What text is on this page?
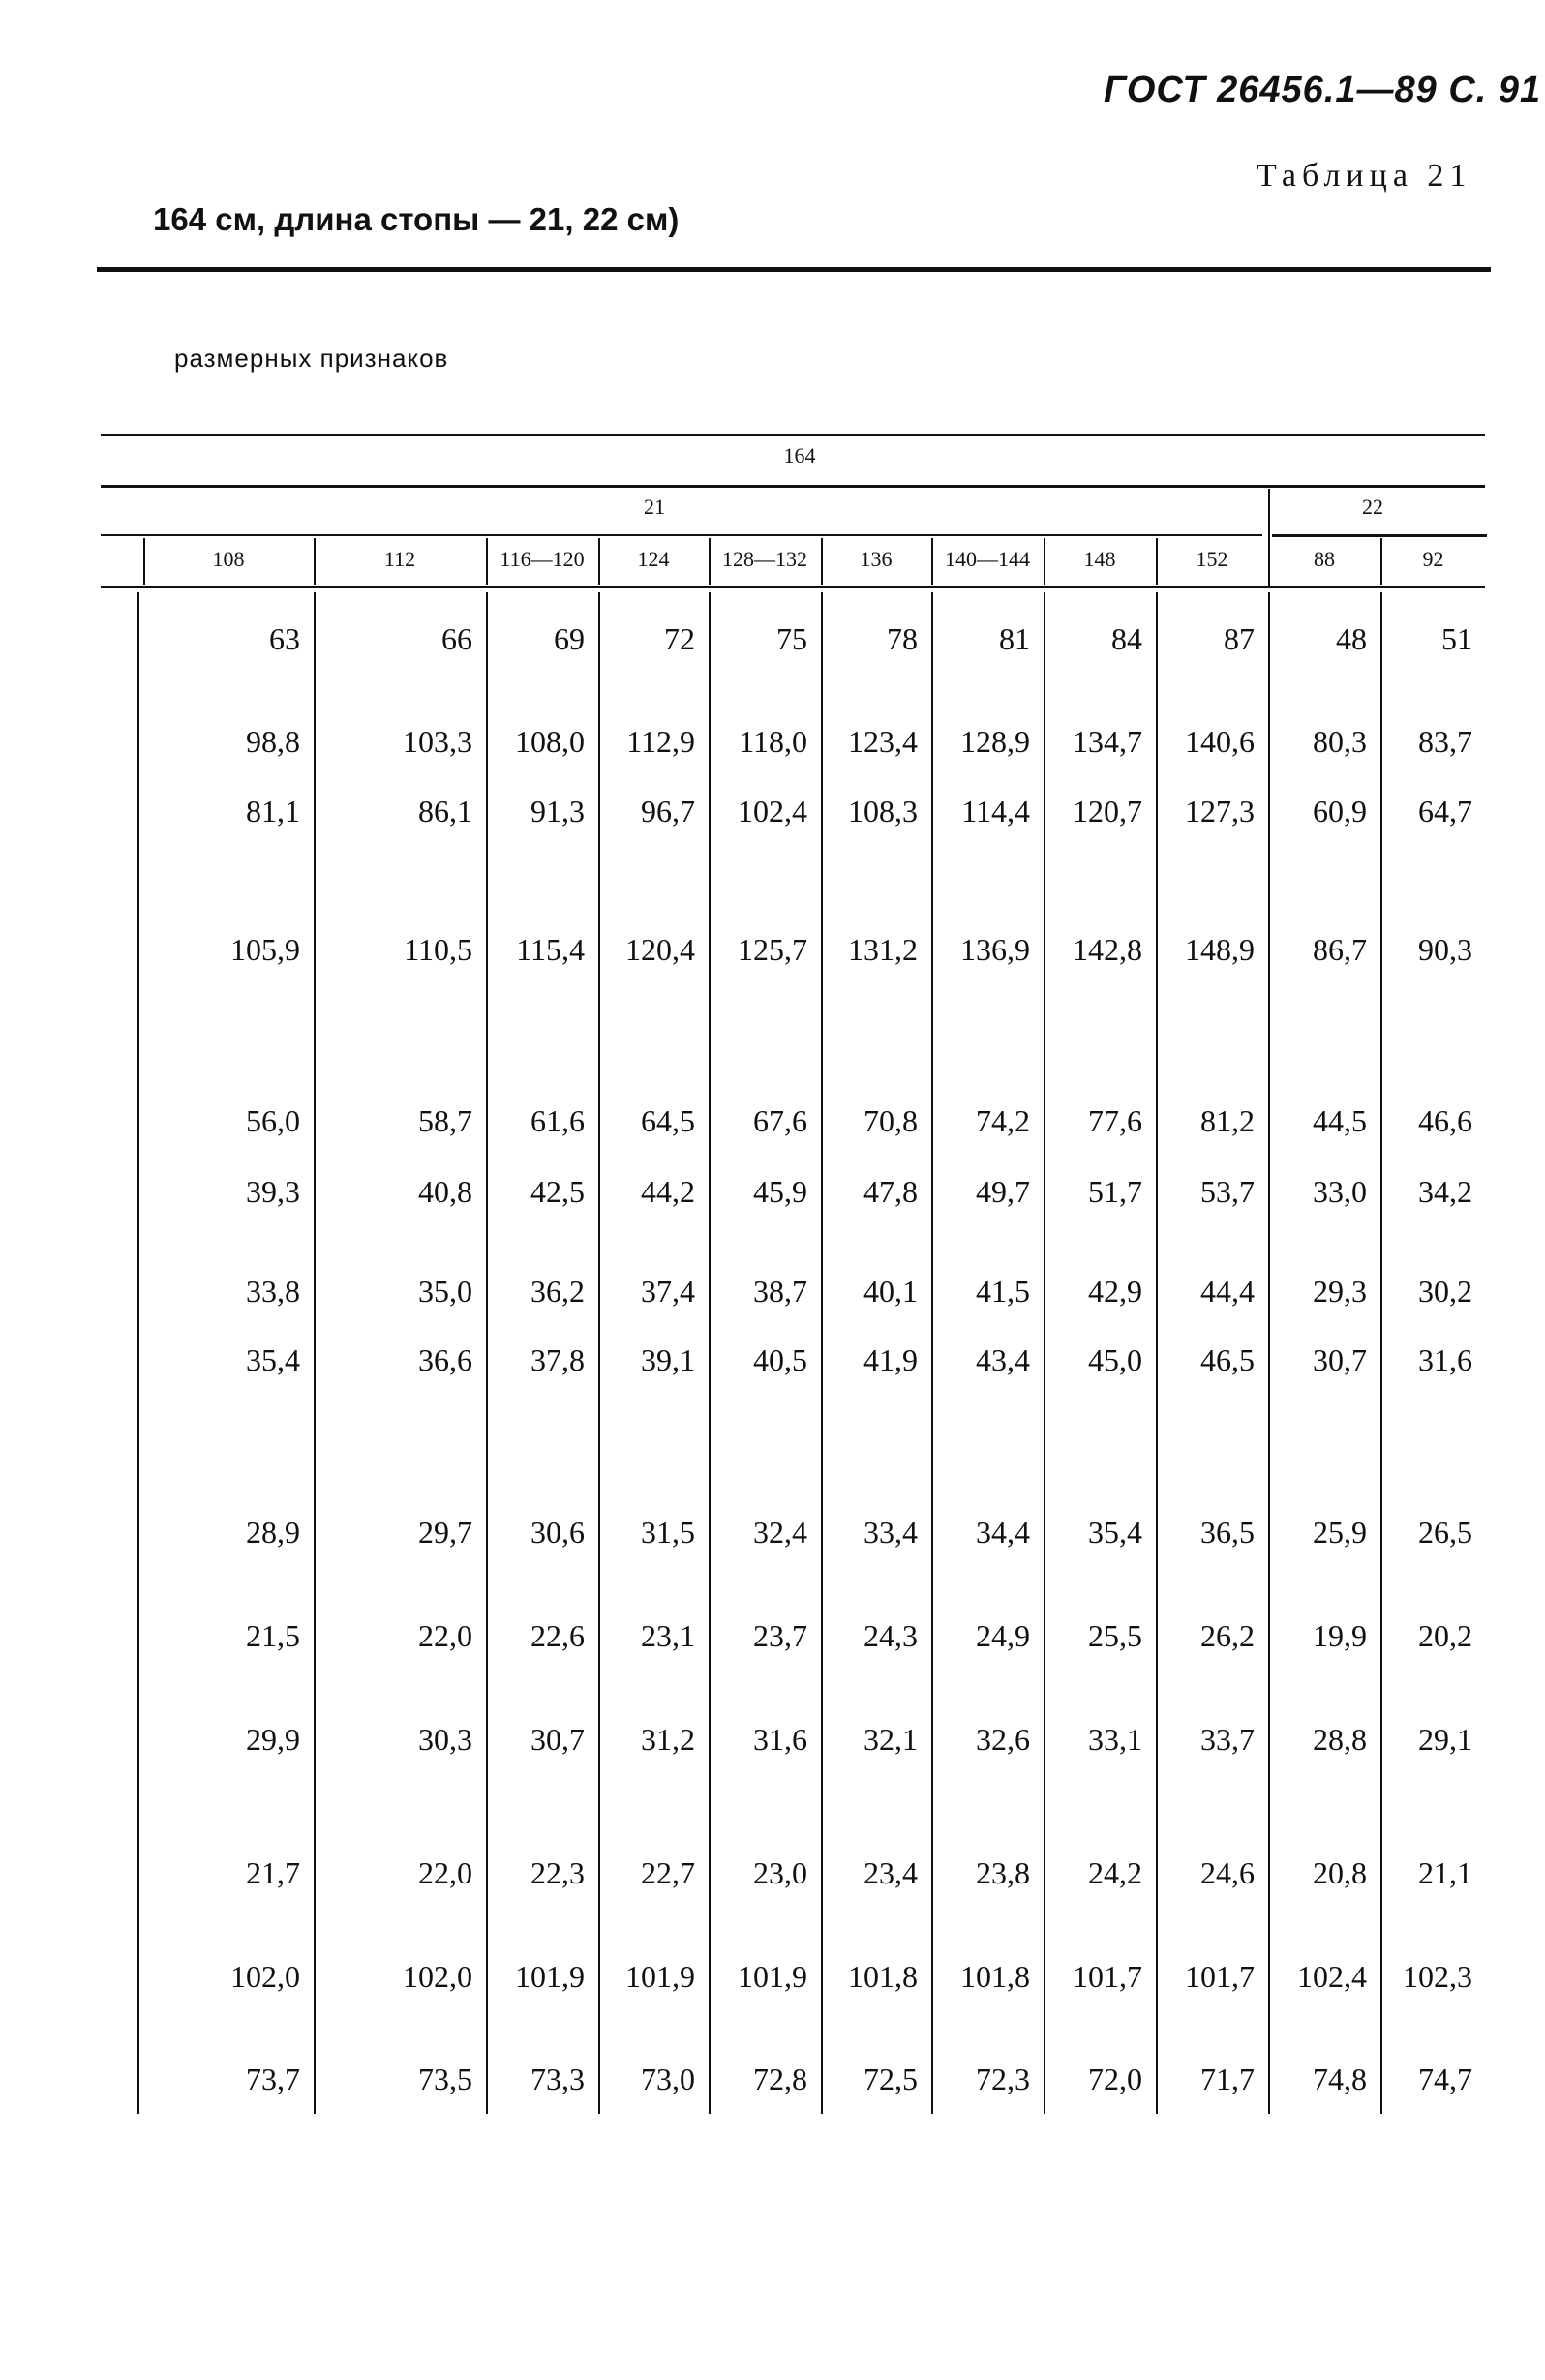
ГОСТ 26456.1—89 С. 91
Таблица 21
164 см, длина стопы — 21, 22 см)
размерных признаков
164
21	22
108	112	116—120 124 128—132 136 140—144	148	152	88	92
63	66	69	72	75	78	81	84	87	48 51
98,8	103,3 108,0 112,9 118,0 123,4 128,9 134,7 140,6 80,3 83,7
81,1	86,1 91,3 96,7 102,4 108,3 114,4 120,7 127,3 60,9 64,7
105,9	110,5 115,4 120,4 125,7 131,2 136,9 142,8 148,9 86,7 90,3
56,0	58,7 61,6 64,5 67,6 70,8 74,2 77,6 81,2 44,5 46,6
39,3	40,8 42,5 44,2 45,9 47,8 49,7 51,7 53,7 33,0 34,2
33,8	35,0 36,2 37,4 38,7 40,1 41,5 42,9 44,4 29,3 30,2
35,4	36,6 37,8 39,1 40,5 41,9 43,4 45,0 46,5 30,7 31,6
28,9	29,7 30,6 31,5 32,4 33,4 34,4 35,4 36,5 25,9 26,5
21,5	22,0 22,6 23,1 23,7 24,3 24,9 25,5 26,2 19,9 20,2
29,9	30,3 30,7 31,2 31,6 32,1 32,6 33,1 33,7 28,8 29,1
21,7	22,0 22,3 22,7 23,0 23,4 23,8 24,2 24,6 20,8 21,1
102,0	102,0 101,9 101,9 101,9 101,8 101,8 101,7 101,7 102,4 102,3
73,7	73,5 73,3 73,0 72,8 72,5 72,3 72,0 71,7 74,8 74,7
